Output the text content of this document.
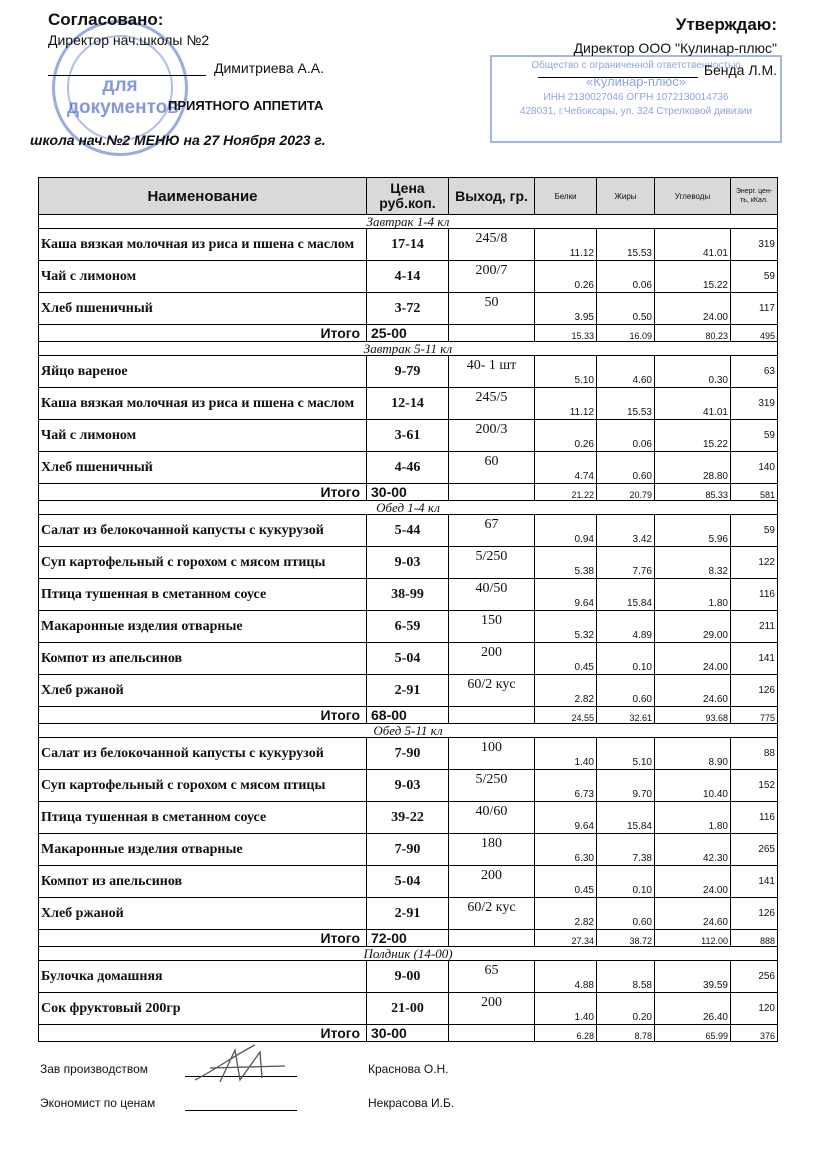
для
документов
Общество с ограниченной ответственностью
«Кулинар-плюс»
ИНН 2130027046 ОГРН 1072130014736
428031, г.Чебоксары, ул. 324 Стрелковой дивизии
Согласовано:
Директор нач.школы №2
Димитриева А.А.
Утверждаю:
Директор ООО "Кулинар-плюс"
Бенда Л.М.
ПРИЯТНОГО АППЕТИТА
школа нач.№2 МЕНЮ на 27 Ноября 2023 г.
Наименование	Цена руб.коп.	Выход, гр.	Белки	Жиры	Углеводы	Энерг. цен-ть, кКал.
Завтрак 1-4 кл						
Каша вязкая молочная из риса и пшена с маслом	17-14	245/8	11.12	15.53	41.01	319
Чай с лимоном	4-14	200/7	0.26	0.06	15.22	59
Хлеб пшеничный	3-72	50	3.95	0.50	24.00	117
Итого	25-00		15.33	16.09	80.23	495
Завтрак 5-11 кл						
Яйцо вареное	9-79	40- 1 шт	5.10	4.60	0.30	63
Каша вязкая молочная из риса и пшена с маслом	12-14	245/5	11.12	15.53	41.01	319
Чай с лимоном	3-61	200/3	0.26	0.06	15.22	59
Хлеб пшеничный	4-46	60	4.74	0.60	28.80	140
Итого	30-00		21.22	20.79	85.33	581
Обед 1-4 кл						
Салат из белокочанной капусты с кукурузой	5-44	67	0.94	3.42	5.96	59
Суп картофельный с горохом с мясом птицы	9-03	5/250	5.38	7.76	8.32	122
Птица тушенная в сметанном соусе	38-99	40/50	9.64	15.84	1.80	116
Макаронные изделия отварные	6-59	150	5.32	4.89	29.00	211
Компот из апельсинов	5-04	200	0.45	0.10	24.00	141
Хлеб ржаной	2-91	60/2 кус	2.82	0.60	24.60	126
Итого	68-00		24.55	32.61	93.68	775
Обед 5-11 кл						
Салат из белокочанной капусты с кукурузой	7-90	100	1.40	5.10	8.90	88
Суп картофельный с горохом с мясом птицы	9-03	5/250	6.73	9.70	10.40	152
Птица тушенная в сметанном соусе	39-22	40/60	9.64	15.84	1.80	116
Макаронные изделия отварные	7-90	180	6.30	7.38	42.30	265
Компот из апельсинов	5-04	200	0.45	0.10	24.00	141
Хлеб ржаной	2-91	60/2 кус	2.82	0.60	24.60	126
Итого	72-00		27.34	38.72	112.00	888
Полдник (14-00)						
Булочка домашняя	9-00	65	4.88	8.58	39.59	256
Сок фруктовый 200гр	21-00	200	1.40	0.20	26.40	120
Итого	30-00		6.28	8.78	65.99	376
Зав производством	Краснова О.Н.
Экономист по ценам	Некрасова И.Б.
